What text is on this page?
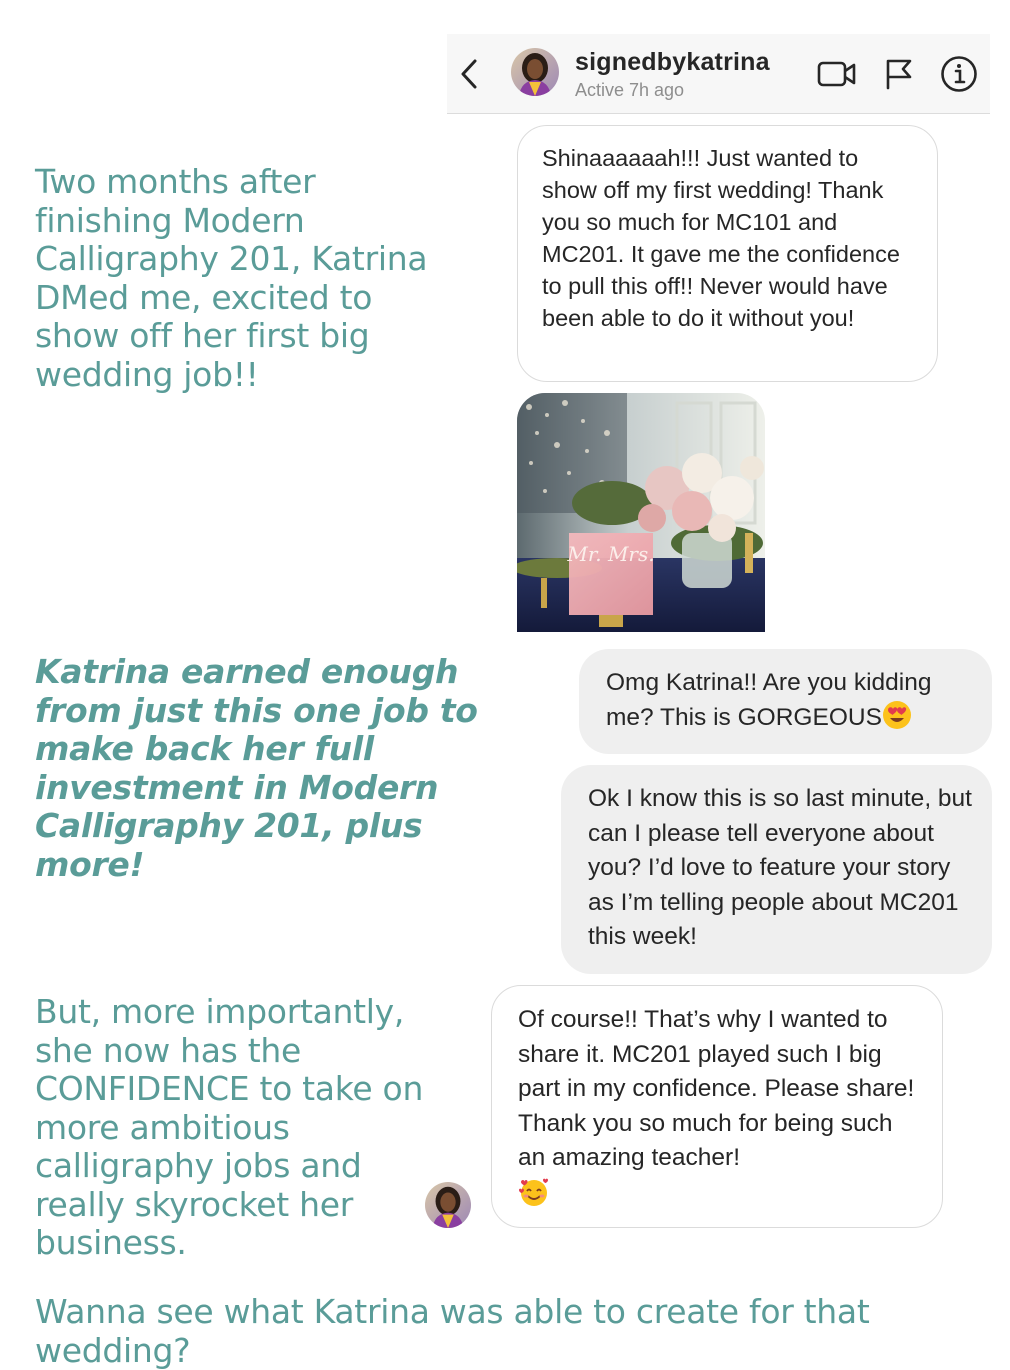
signedbykatrina
Active 7h ago
Two months after finishing Modern Calligraphy 201, Katrina DMed me, excited to show off her first big wedding job!!
Katrina earned enough from just this one job to make back her full investment in Modern Calligraphy 201, plus more!
But, more importantly, she now has the CONFIDENCE to take on more ambitious calligraphy jobs and really skyrocket her business.
Wanna see what Katrina was able to create for that wedding?
Shinaaaaaah!!! Just wanted to show off my first wedding! Thank you so much for MC101 and MC201. It gave me the confidence to pull this off!! Never would have been able to do it without you!
Mr. Mrs.
Omg Katrina!! Are you kidding me? This is GORGEOUS
Ok I know this is so last minute, but can I please tell everyone about you? I’d love to feature your story as I’m telling people about MC201 this week!
Of course!! That’s why I wanted to share it. MC201 played such I big part in my confidence. Please share! Thank you so much for being such an amazing teacher!
